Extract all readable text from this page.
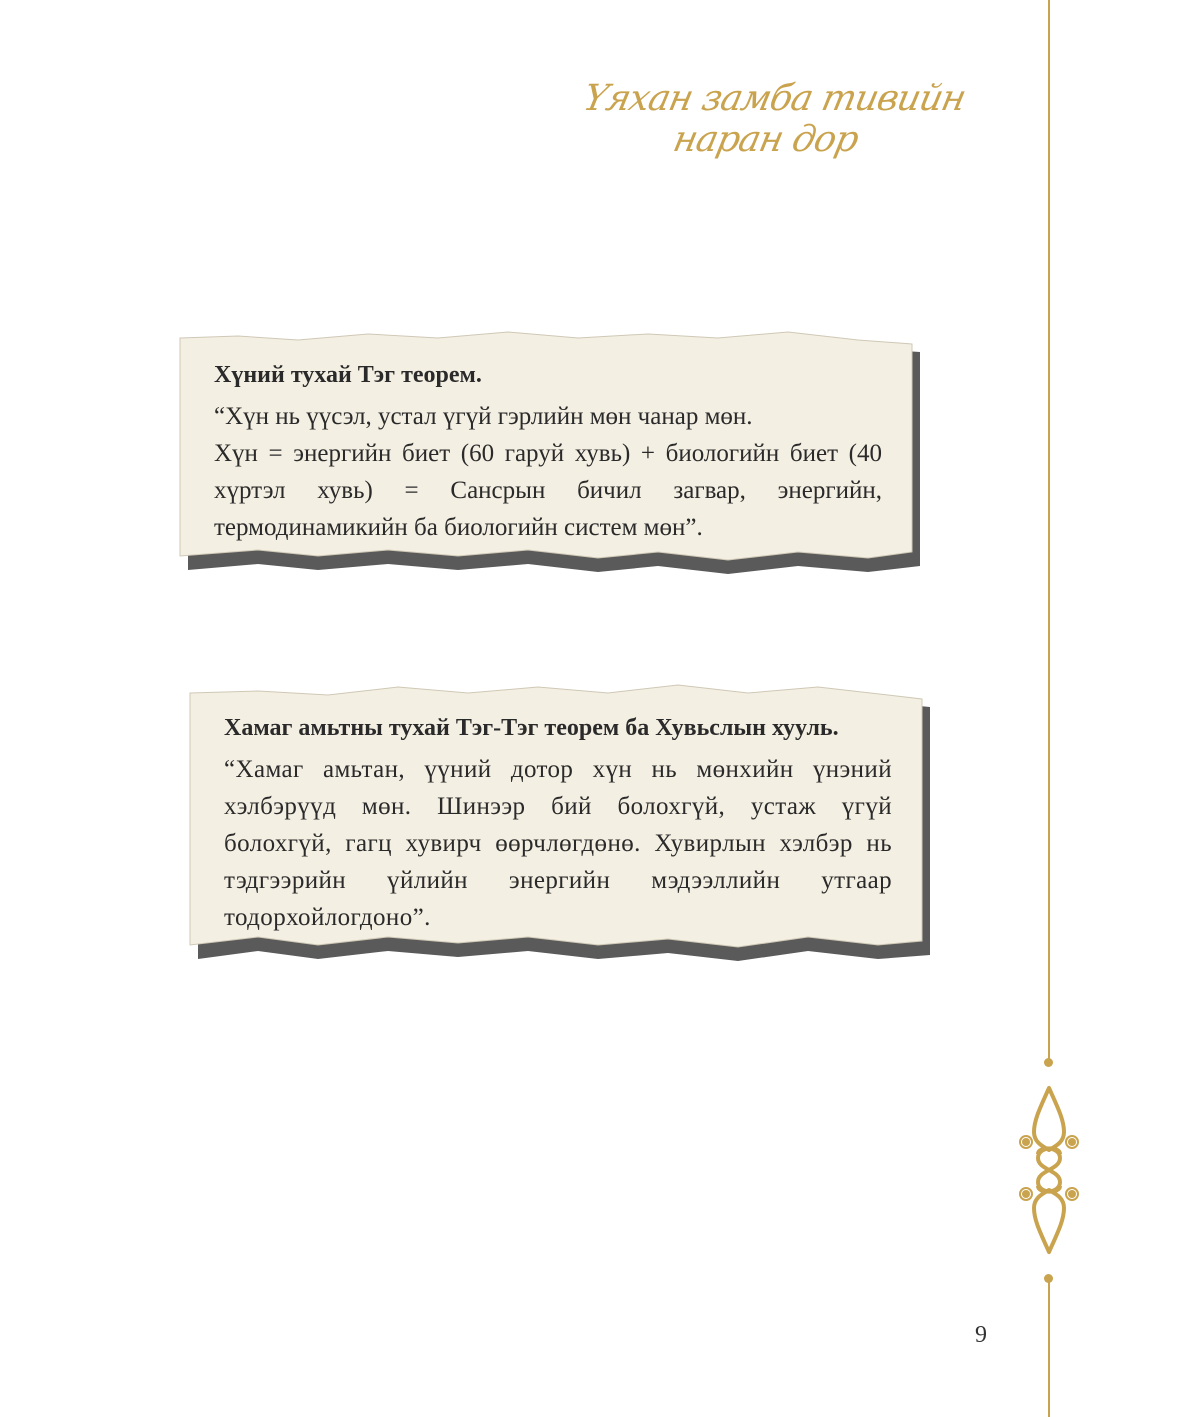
Үяхан замба тивийн наран дор
Хүний тухай Тэг теорем.
“Хүн нь үүсэл, устал үгүй гэрлийн мөн чанар мөн.
Хүн = энергийн биет (60 гаруй хувь) + биологийн биет (40 хүртэл хувь) = Сансрын бичил загвар, энергийн, термодинамикийн ба биологийн систем мөн”.
Хамаг амьтны тухай Тэг-Тэг теорем ба Хувьслын хууль.
“Хамаг амьтан, үүний дотор хүн нь мөнхийн үнэний хэлбэрүүд мөн. Шинээр бий болохгүй, устаж үгүй болохгүй, гагц хувирч өөрчлөгдөнө. Хувирлын хэлбэр нь тэдгээрийн үйлийн энергийн мэдээллийн утгаар тодорхойлогдоно”.
9
